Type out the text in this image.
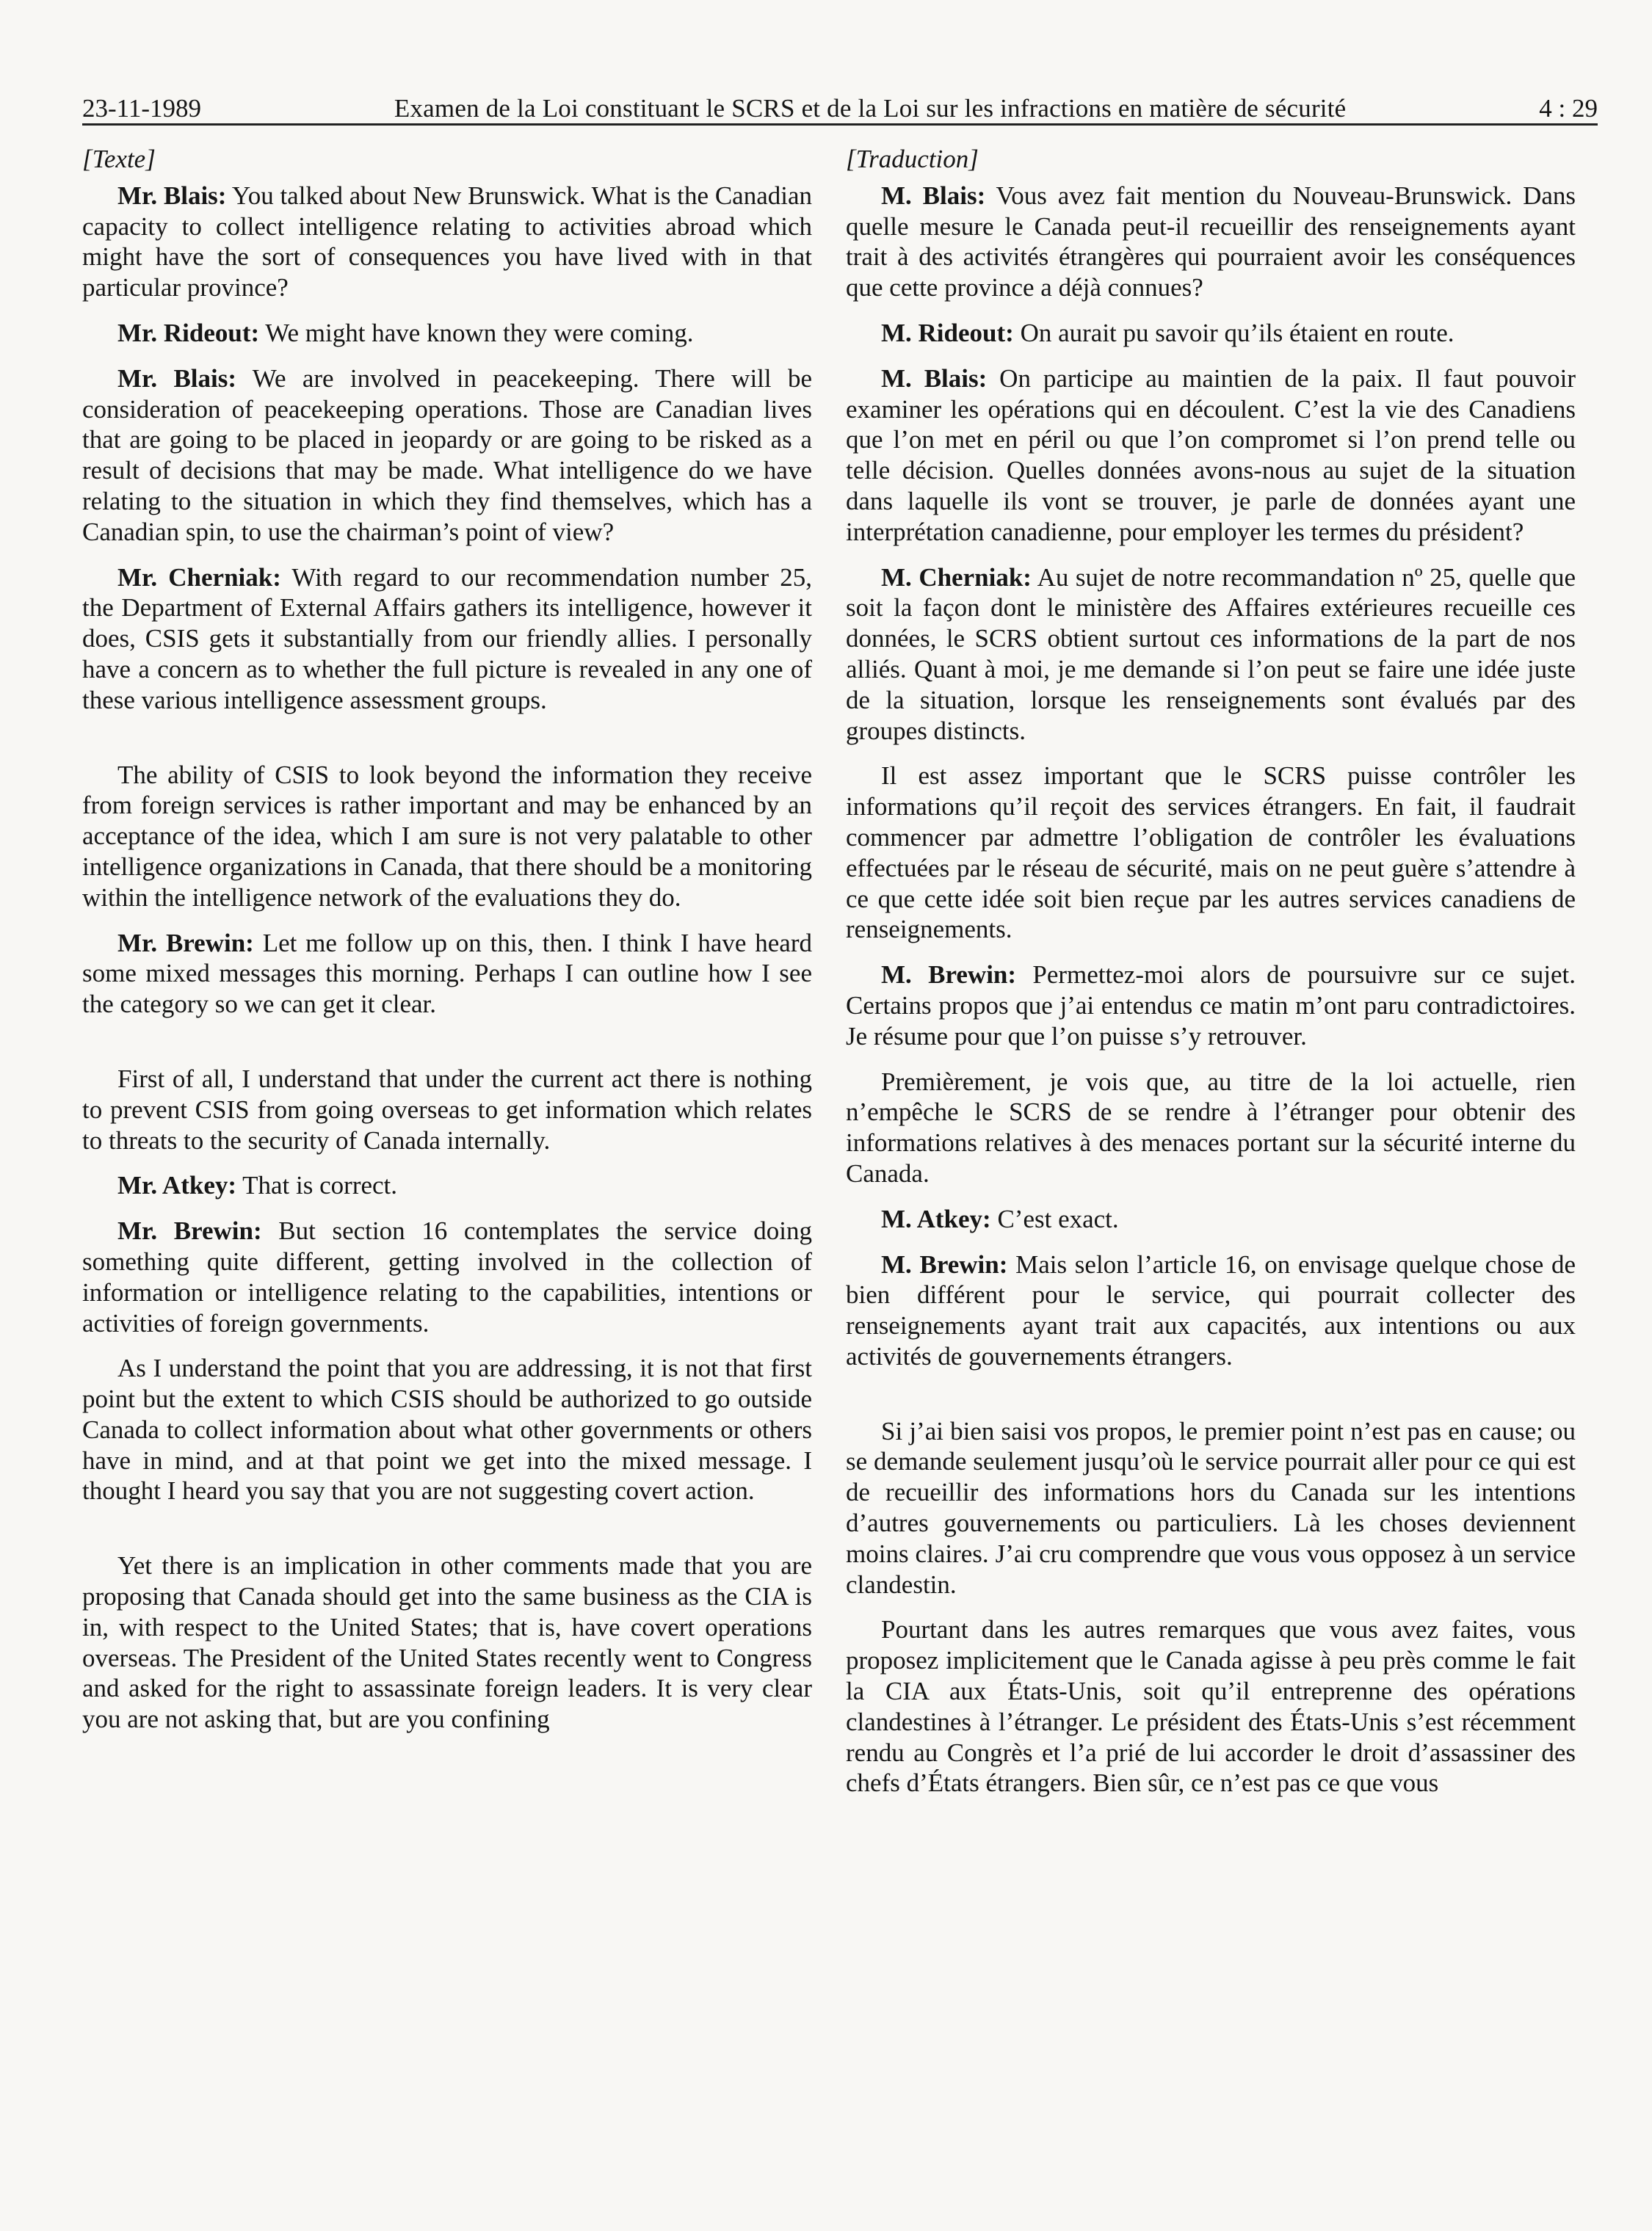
23-11-1989	Examen de la Loi constituant le SCRS et de la Loi sur les infractions en matière de sécurité	4 : 29

[Texte]

Mr. Blais: You talked about New Brunswick. What is the Canadian capacity to collect intelligence relating to activities abroad which might have the sort of consequences you have lived with in that particular province?

Mr. Rideout: We might have known they were coming.

Mr. Blais: We are involved in peacekeeping. There will be consideration of peacekeeping operations. Those are Canadian lives that are going to be placed in jeopardy or are going to be risked as a result of decisions that may be made. What intelligence do we have relating to the situation in which they find themselves, which has a Canadian spin, to use the chairman’s point of view?

Mr. Cherniak: With regard to our recommendation number 25, the Department of External Affairs gathers its intelligence, however it does, CSIS gets it substantially from our friendly allies. I personally have a concern as to whether the full picture is revealed in any one of these various intelligence assessment groups.

The ability of CSIS to look beyond the information they receive from foreign services is rather important and may be enhanced by an acceptance of the idea, which I am sure is not very palatable to other intelligence organizations in Canada, that there should be a monitoring within the intelligence network of the evaluations they do.

Mr. Brewin: Let me follow up on this, then. I think I have heard some mixed messages this morning. Perhaps I can outline how I see the category so we can get it clear.

First of all, I understand that under the current act there is nothing to prevent CSIS from going overseas to get information which relates to threats to the security of Canada internally.

Mr. Atkey: That is correct.

Mr. Brewin: But section 16 contemplates the service doing something quite different, getting involved in the collection of information or intelligence relating to the capabilities, intentions or activities of foreign governments.

As I understand the point that you are addressing, it is not that first point but the extent to which CSIS should be authorized to go outside Canada to collect information about what other governments or others have in mind, and at that point we get into the mixed message. I thought I heard you say that you are not suggesting covert action.

Yet there is an implication in other comments made that you are proposing that Canada should get into the same business as the CIA is in, with respect to the United States; that is, have covert operations overseas. The President of the United States recently went to Congress and asked for the right to assassinate foreign leaders. It is very clear you are not asking that, but are you confining

[Traduction]

M. Blais: Vous avez fait mention du Nouveau-Brunswick. Dans quelle mesure le Canada peut-il recueillir des renseignements ayant trait à des activités étrangères qui pourraient avoir les conséquences que cette province a déjà connues?

M. Rideout: On aurait pu savoir qu’ils étaient en route.

M. Blais: On participe au maintien de la paix. Il faut pouvoir examiner les opérations qui en découlent. C’est la vie des Canadiens que l’on met en péril ou que l’on compromet si l’on prend telle ou telle décision. Quelles données avons-nous au sujet de la situation dans laquelle ils vont se trouver, je parle de données ayant une interprétation canadienne, pour employer les termes du président?

M. Cherniak: Au sujet de notre recommandation nº 25, quelle que soit la façon dont le ministère des Affaires extérieures recueille ces données, le SCRS obtient surtout ces informations de la part de nos alliés. Quant à moi, je me demande si l’on peut se faire une idée juste de la situation, lorsque les renseignements sont évalués par des groupes distincts.

Il est assez important que le SCRS puisse contrôler les informations qu’il reçoit des services étrangers. En fait, il faudrait commencer par admettre l’obligation de contrôler les évaluations effectuées par le réseau de sécurité, mais on ne peut guère s’attendre à ce que cette idée soit bien reçue par les autres services canadiens de renseignements.

M. Brewin: Permettez-moi alors de poursuivre sur ce sujet. Certains propos que j’ai entendus ce matin m’ont paru contradictoires. Je résume pour que l’on puisse s’y retrouver.

Premièrement, je vois que, au titre de la loi actuelle, rien n’empêche le SCRS de se rendre à l’étranger pour obtenir des informations relatives à des menaces portant sur la sécurité interne du Canada.

M. Atkey: C’est exact.

M. Brewin: Mais selon l’article 16, on envisage quelque chose de bien différent pour le service, qui pourrait collecter des renseignements ayant trait aux capacités, aux intentions ou aux activités de gouvernements étrangers.

Si j’ai bien saisi vos propos, le premier point n’est pas en cause; ou se demande seulement jusqu’où le service pourrait aller pour ce qui est de recueillir des informations hors du Canada sur les intentions d’autres gouvernements ou particuliers. Là les choses deviennent moins claires. J’ai cru comprendre que vous vous opposez à un service clandestin.

Pourtant dans les autres remarques que vous avez faites, vous proposez implicitement que le Canada agisse à peu près comme le fait la CIA aux États-Unis, soit qu’il entreprenne des opérations clandestines à l’étranger. Le président des États-Unis s’est récemment rendu au Congrès et l’a prié de lui accorder le droit d’assassiner des chefs d’États étrangers. Bien sûr, ce n’est pas ce que vous
